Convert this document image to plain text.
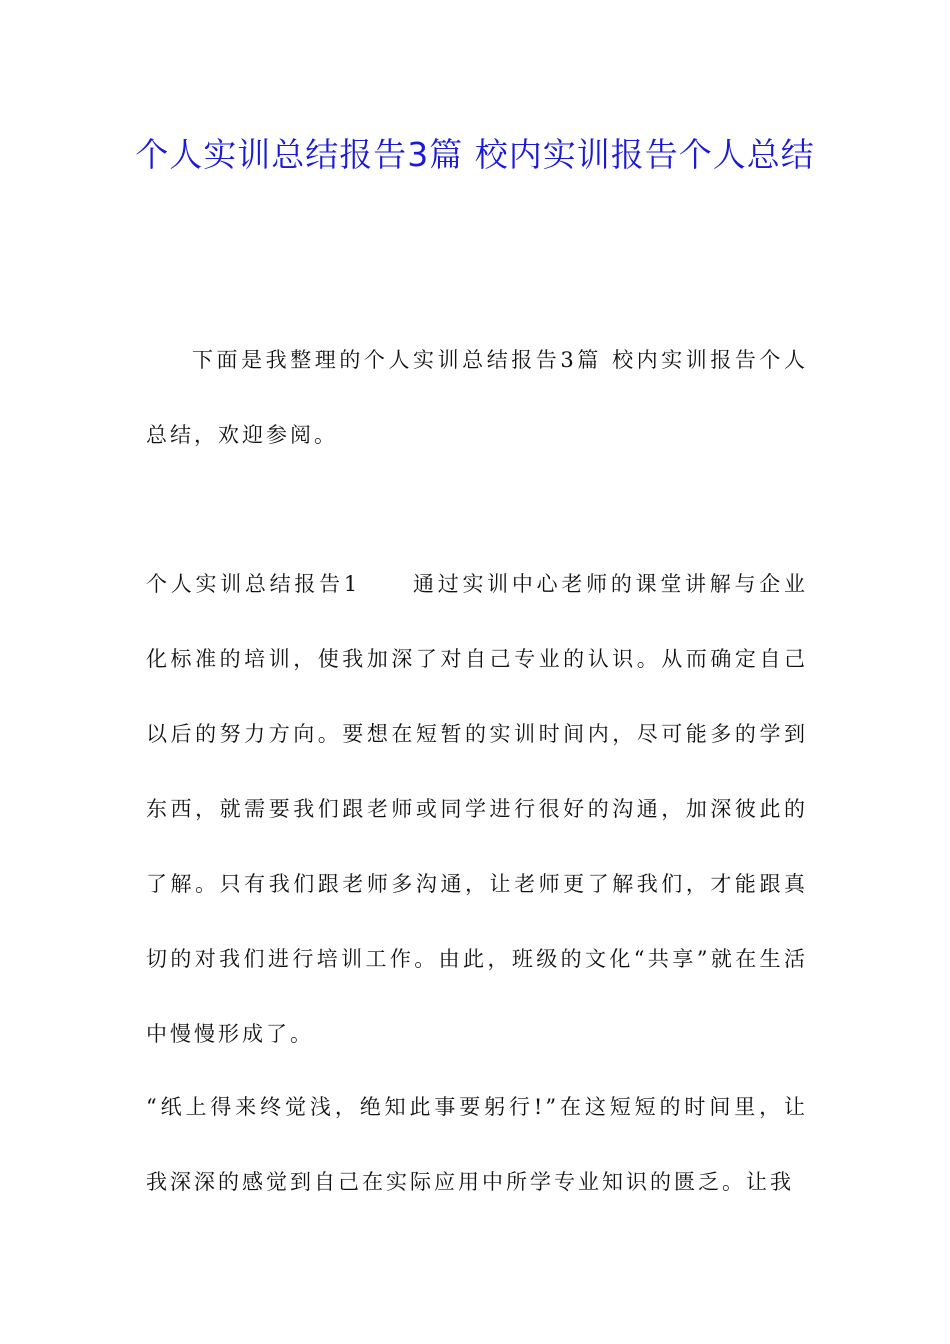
个人实训总结报告3篇 校内实训报告个人总结
下面是我整理的个人实训总结报告3篇 校内实训报告个人总结，欢迎参阅。
个人实训总结报告1 通过实训中心老师的课堂讲解与企业化标准的培训，使我加深了对自己专业的认识。从而确定自己以后的努力方向。要想在短暂的实训时间内，尽可能多的学到东西，就需要我们跟老师或同学进行很好的沟通，加深彼此的了解。只有我们跟老师多沟通，让老师更了解我们，才能跟真切的对我们进行培训工作。由此，班级的文化“共享”就在生活中慢慢形成了。
“纸上得来终觉浅，绝知此事要躬行!”在这短短的时间里，让我深深的感觉到自己在实际应用中所学专业知识的匮乏。让我
